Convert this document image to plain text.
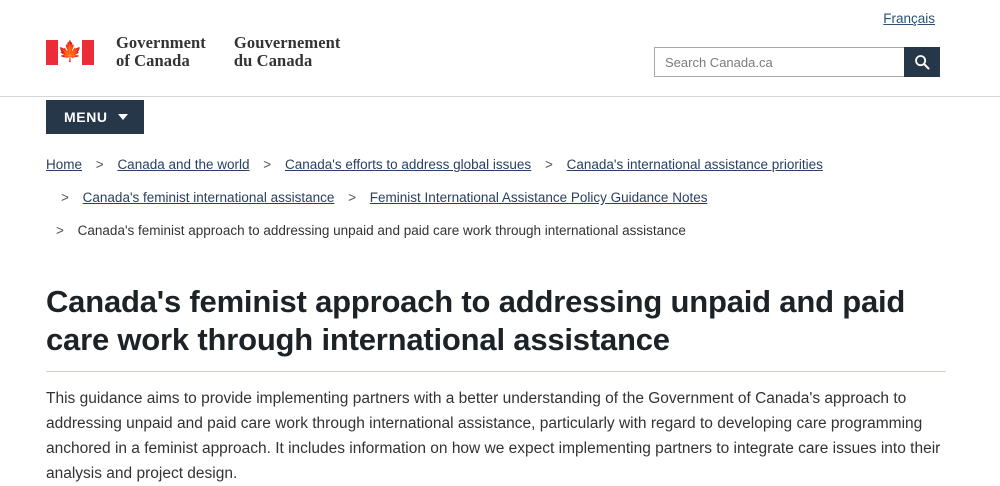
Français
🍁 Government
of Canada
Gouvernement
du Canada
Search Canada.ca
MENU
Home > Canada and the world > Canada's efforts to address global issues > Canada's international assistance priorities
> Canada's feminist international assistance > Feminist International Assistance Policy Guidance Notes
> Canada's feminist approach to addressing unpaid and paid care work through international assistance
Canada's feminist approach to addressing unpaid and paid care work through international assistance

This guidance aims to provide implementing partners with a better understanding of the Government of Canada's approach to addressing unpaid and paid care work through international assistance, particularly with regard to developing care programming anchored in a feminist approach. It includes information on how we expect implementing partners to integrate care issues into their analysis and project design.
